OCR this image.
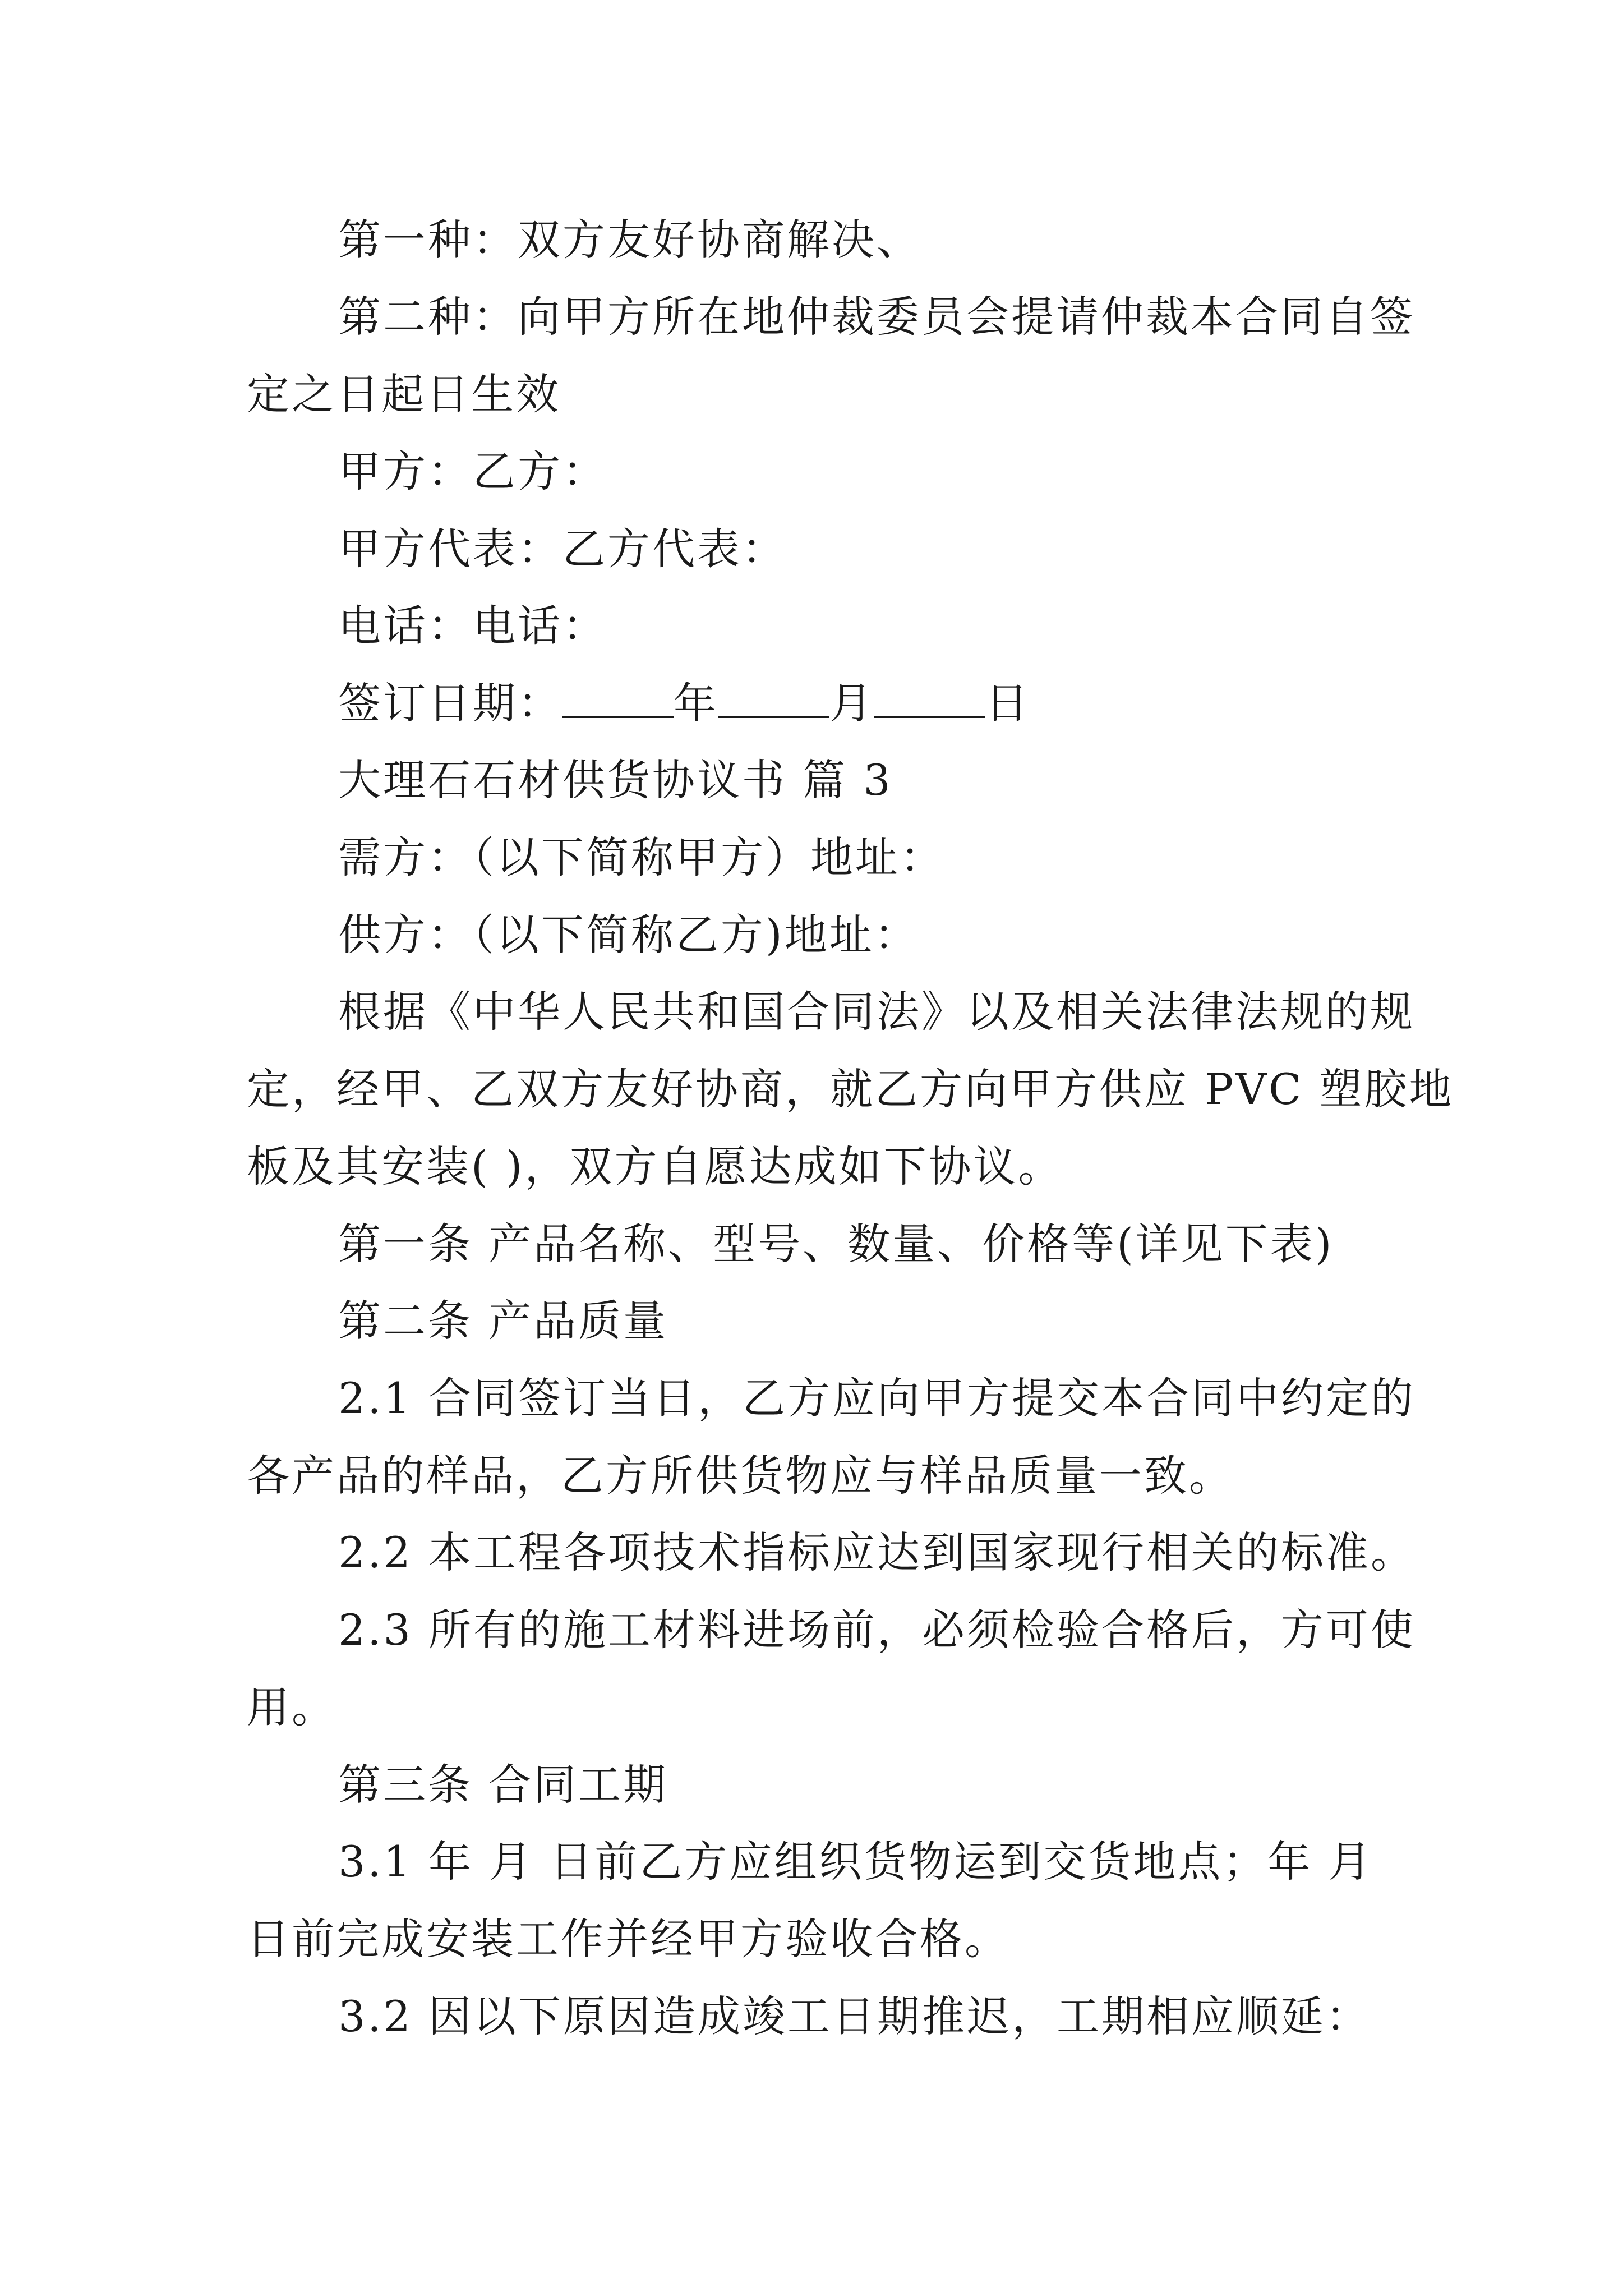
第一种：双方友好协商解决、
第二种：向甲方所在地仲裁委员会提请仲裁本合同自签
定之日起日生效
甲方：乙方：
甲方代表：乙方代表：
电话：电话：
签订日期：	年	月	日
大理石石材供货协议书 篇 3
需方：（以下简称甲方）地址：
供方：（以下简称乙方)地址：
根据《中华人民共和国合同法》以及相关法律法规的规
定，经甲、乙双方友好协商，就乙方向甲方供应 PVC 塑胶地
板及其安装( )，双方自愿达成如下协议。
第一条 产品名称、型号、数量、价格等(详见下表)
第二条 产品质量
2.1 合同签订当日，乙方应向甲方提交本合同中约定的
各产品的样品，乙方所供货物应与样品质量一致。
2.2 本工程各项技术指标应达到国家现行相关的标准。
2.3 所有的施工材料进场前，必须检验合格后，方可使
用。
第三条 合同工期
3.1 年 月 日前乙方应组织货物运到交货地点；年 月
日前完成安装工作并经甲方验收合格。
3.2 因以下原因造成竣工日期推迟，工期相应顺延：
